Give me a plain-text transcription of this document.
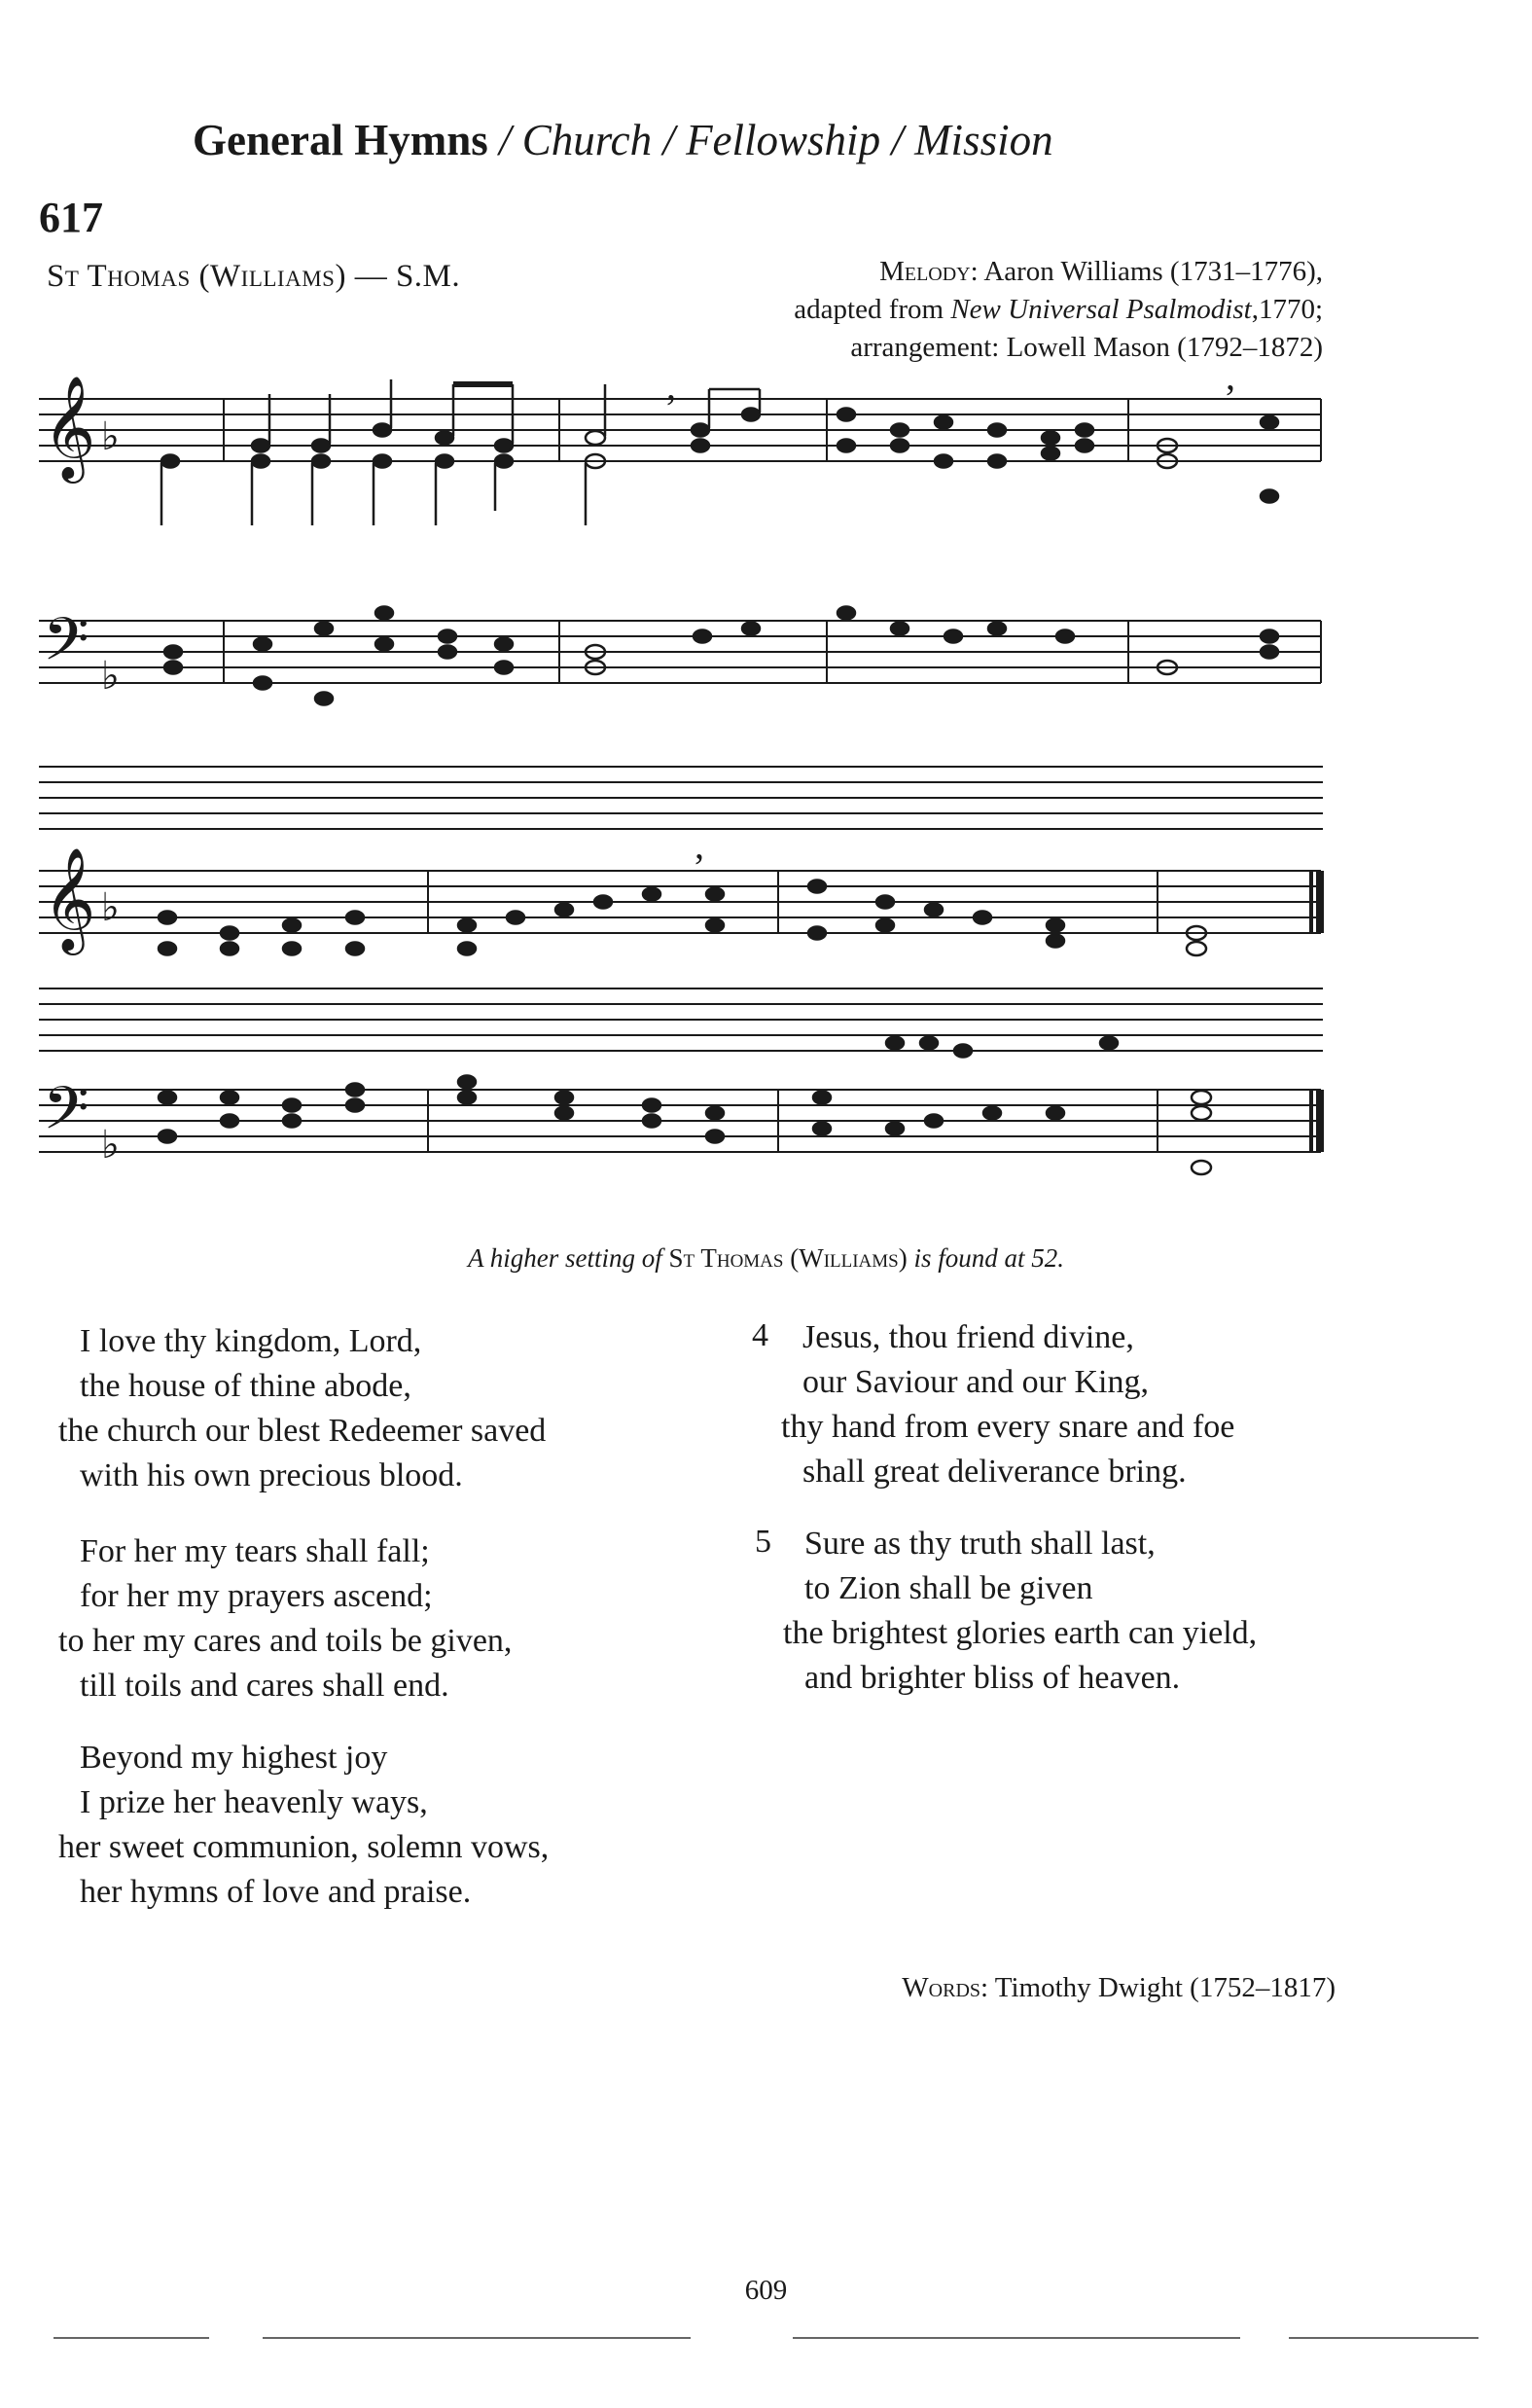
General Hymns / Church / Fellowship / Mission
617
St Thomas (Williams) — S.M.	Melody: Aaron Williams (1731–1776),
adapted from New Universal Psalmodist,1770;
arrangement: Lowell Mason (1792–1872)
𝄞
𝄢
𝄞
𝄢
♭
♭
♭
♭
,	,
,
A higher setting of St Thomas (Williams) is found at 52.
I love thy kingdom, Lord,
the house of thine abode,
the church our blest Redeemer saved
with his own precious blood.
For her my tears shall fall;
for her my prayers ascend;
to her my cares and toils be given,
till toils and cares shall end.
Beyond my highest joy
I prize her heavenly ways,
her sweet communion, solemn vows,
her hymns of love and praise.
4	Jesus, thou friend divine,
our Saviour and our King,
thy hand from every snare and foe
shall great deliverance bring.
5	Sure as thy truth shall last,
to Zion shall be given
the brightest glories earth can yield,
and brighter bliss of heaven.
Words: Timothy Dwight (1752–1817)
609
